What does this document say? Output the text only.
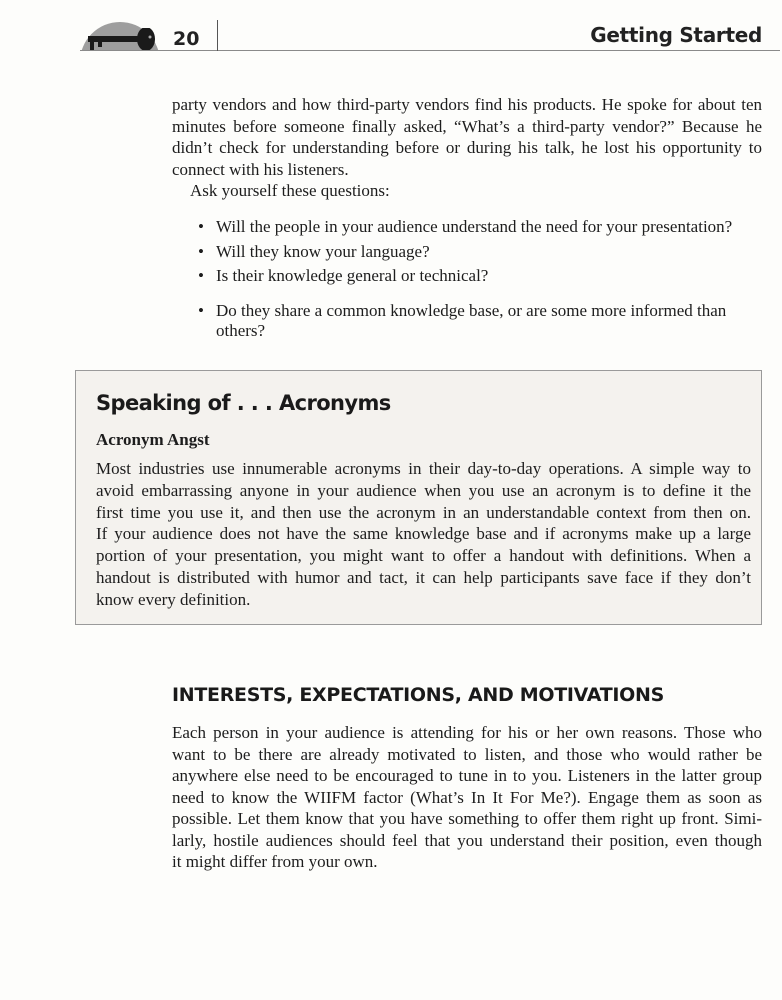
20	Getting Started
party vendors and how third-party vendors find his products. He spoke for about ten
minutes before someone finally asked, “What’s a third-party vendor?” Because he
didn’t check for understanding before or during his talk, he lost his opportunity to
connect with his listeners.
Ask yourself these questions:
• Will the people in your audience understand the need for your presentation?
• Will they know your language?
• Is their knowledge general or technical?
• Do they share a common knowledge base, or are some more informed than others?
Speaking of . . . Acronyms
Acronym Angst
Most industries use innumerable acronyms in their day-to-day operations. A simple way to
avoid embarrassing anyone in your audience when you use an acronym is to define it the
first time you use it, and then use the acronym in an understandable context from then on.
If your audience does not have the same knowledge base and if acronyms make up a large
portion of your presentation, you might want to offer a handout with definitions. When a
handout is distributed with humor and tact, it can help participants save face if they don’t
know every definition.
INTERESTS, EXPECTATIONS, AND MOTIVATIONS
Each person in your audience is attending for his or her own reasons. Those who
want to be there are already motivated to listen, and those who would rather be
anywhere else need to be encouraged to tune in to you. Listeners in the latter group
need to know the WIIFM factor (What’s In It For Me?). Engage them as soon as
possible. Let them know that you have something to offer them right up front. Simi-
larly, hostile audiences should feel that you understand their position, even though
it might differ from your own.
